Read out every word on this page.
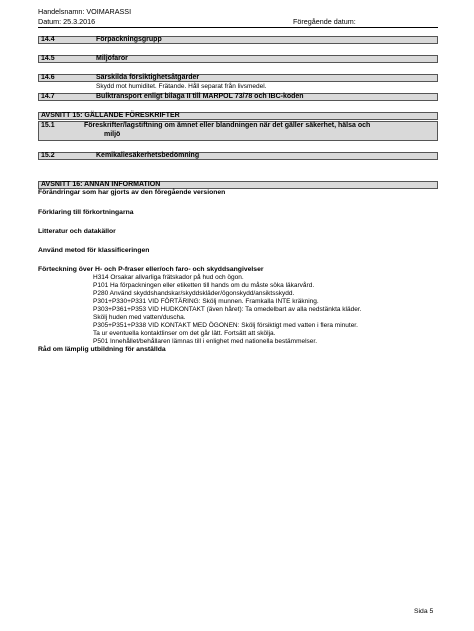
Handelsnamn: VOIMARASSI
Datum: 25.3.2016	Föregående datum:
14.4	Förpackningsgrupp
14.5	Miljöfaror
14.6	Särskilda försiktighetsåtgärder
Skydd mot humiditet. Frätande. Håll separat från livsmedel.
14.7	Bulktransport enligt bilaga II till MARPOL 73/78 och IBC-koden
AVSNITT 15: GÄLLANDE FÖRESKRIFTER
15.1	Föreskrifter/lagstiftning om ämnet eller blandningen när det gäller säkerhet, hälsa och
miljö
15.2	Kemikaliesäkerhetsbedömning
AVSNITT 16: ANNAN INFORMATION
Förändringar som har gjorts av den föregående versionen
Förklaring till förkortningarna
Litteratur och datakällor
Använd metod för klassificeringen
Förteckning över H- och P-fraser eller/och faro- och skyddsangivelser
H314 Orsakar allvarliga frätskador på hud och ögon.
P101 Ha förpackningen eller etiketten till hands om du måste söka läkarvård.
P280 Använd skyddshandskar/skyddskläder/ögonskydd/ansiktsskydd.
P301+P330+P331 VID FÖRTÄRING: Skölj munnen. Framkalla INTE kräkning.
P303+P361+P353 VID HUDKONTAKT (även håret): Ta omedelbart av alla nedstänkta kläder.
Skölj huden med vatten/duscha.
P305+P351+P338 VID KONTAKT MED ÖGONEN: Skölj försiktigt med vatten i flera minuter.
Ta ur eventuella kontaktlinser om det går lätt. Fortsätt att skölja.
P501 Innehållet/behållaren lämnas till i enlighet med nationella bestämmelser.
Råd om lämplig utbildning för anställda
Sida 5
